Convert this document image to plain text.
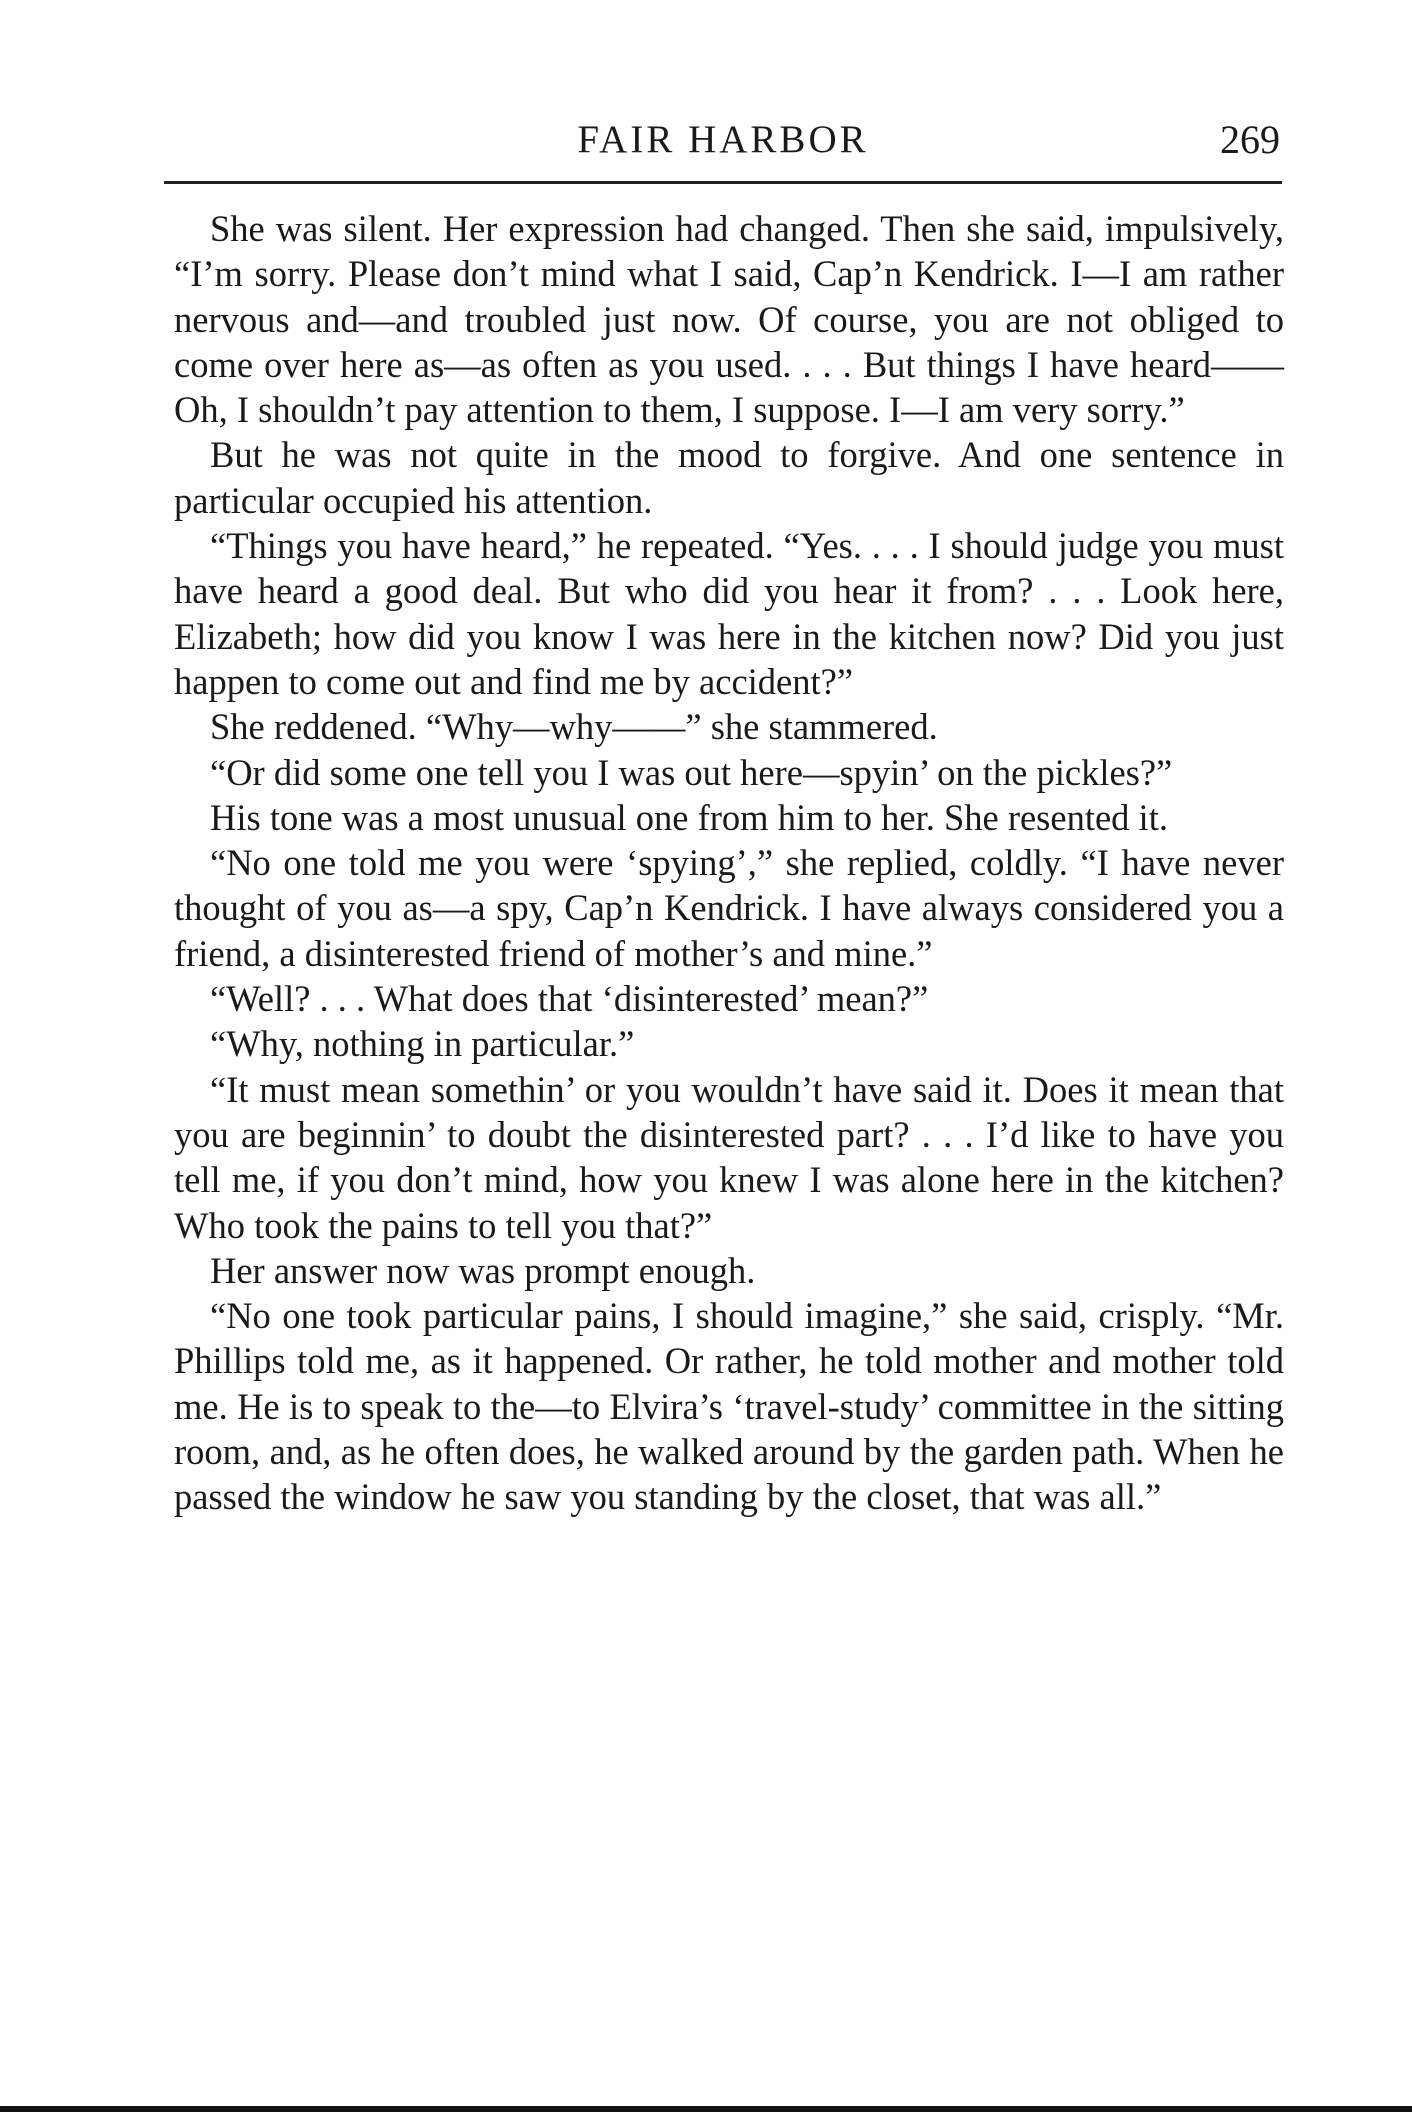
FAIR HARBOR	269

She was silent. Her expression had changed. Then she said, impulsively, “I’m sorry. Please don’t mind what I said, Cap’n Kendrick. I—I am rather nervous and—and troubled just now. Of course, you are not obliged to come over here as—as often as you used. . . . But things I have heard—— Oh, I shouldn’t pay attention to them, I suppose. I—I am very sorry.”

But he was not quite in the mood to forgive. And one sentence in particular occupied his attention.

“Things you have heard,” he repeated. “Yes. . . . I should judge you must have heard a good deal. But who did you hear it from? . . . Look here, Elizabeth; how did you know I was here in the kitchen now? Did you just happen to come out and find me by accident?”

She reddened. “Why—why——” she stammered.

“Or did some one tell you I was out here—spyin’ on the pickles?”

His tone was a most unusual one from him to her. She resented it.

“No one told me you were ‘spying’,” she replied, coldly. “I have never thought of you as—a spy, Cap’n Kendrick. I have always considered you a friend, a disinterested friend of mother’s and mine.”

“Well? . . . What does that ‘disinterested’ mean?”

“Why, nothing in particular.”

“It must mean somethin’ or you wouldn’t have said it. Does it mean that you are beginnin’ to doubt the disinterested part? . . . I’d like to have you tell me, if you don’t mind, how you knew I was alone here in the kitchen? Who took the pains to tell you that?”

Her answer now was prompt enough.

“No one took particular pains, I should imagine,” she said, crisply. “Mr. Phillips told me, as it happened. Or rather, he told mother and mother told me. He is to speak to the—to Elvira’s ‘travel-study’ committee in the sitting room, and, as he often does, he walked around by the garden path. When he passed the window he saw you standing by the closet, that was all.”
